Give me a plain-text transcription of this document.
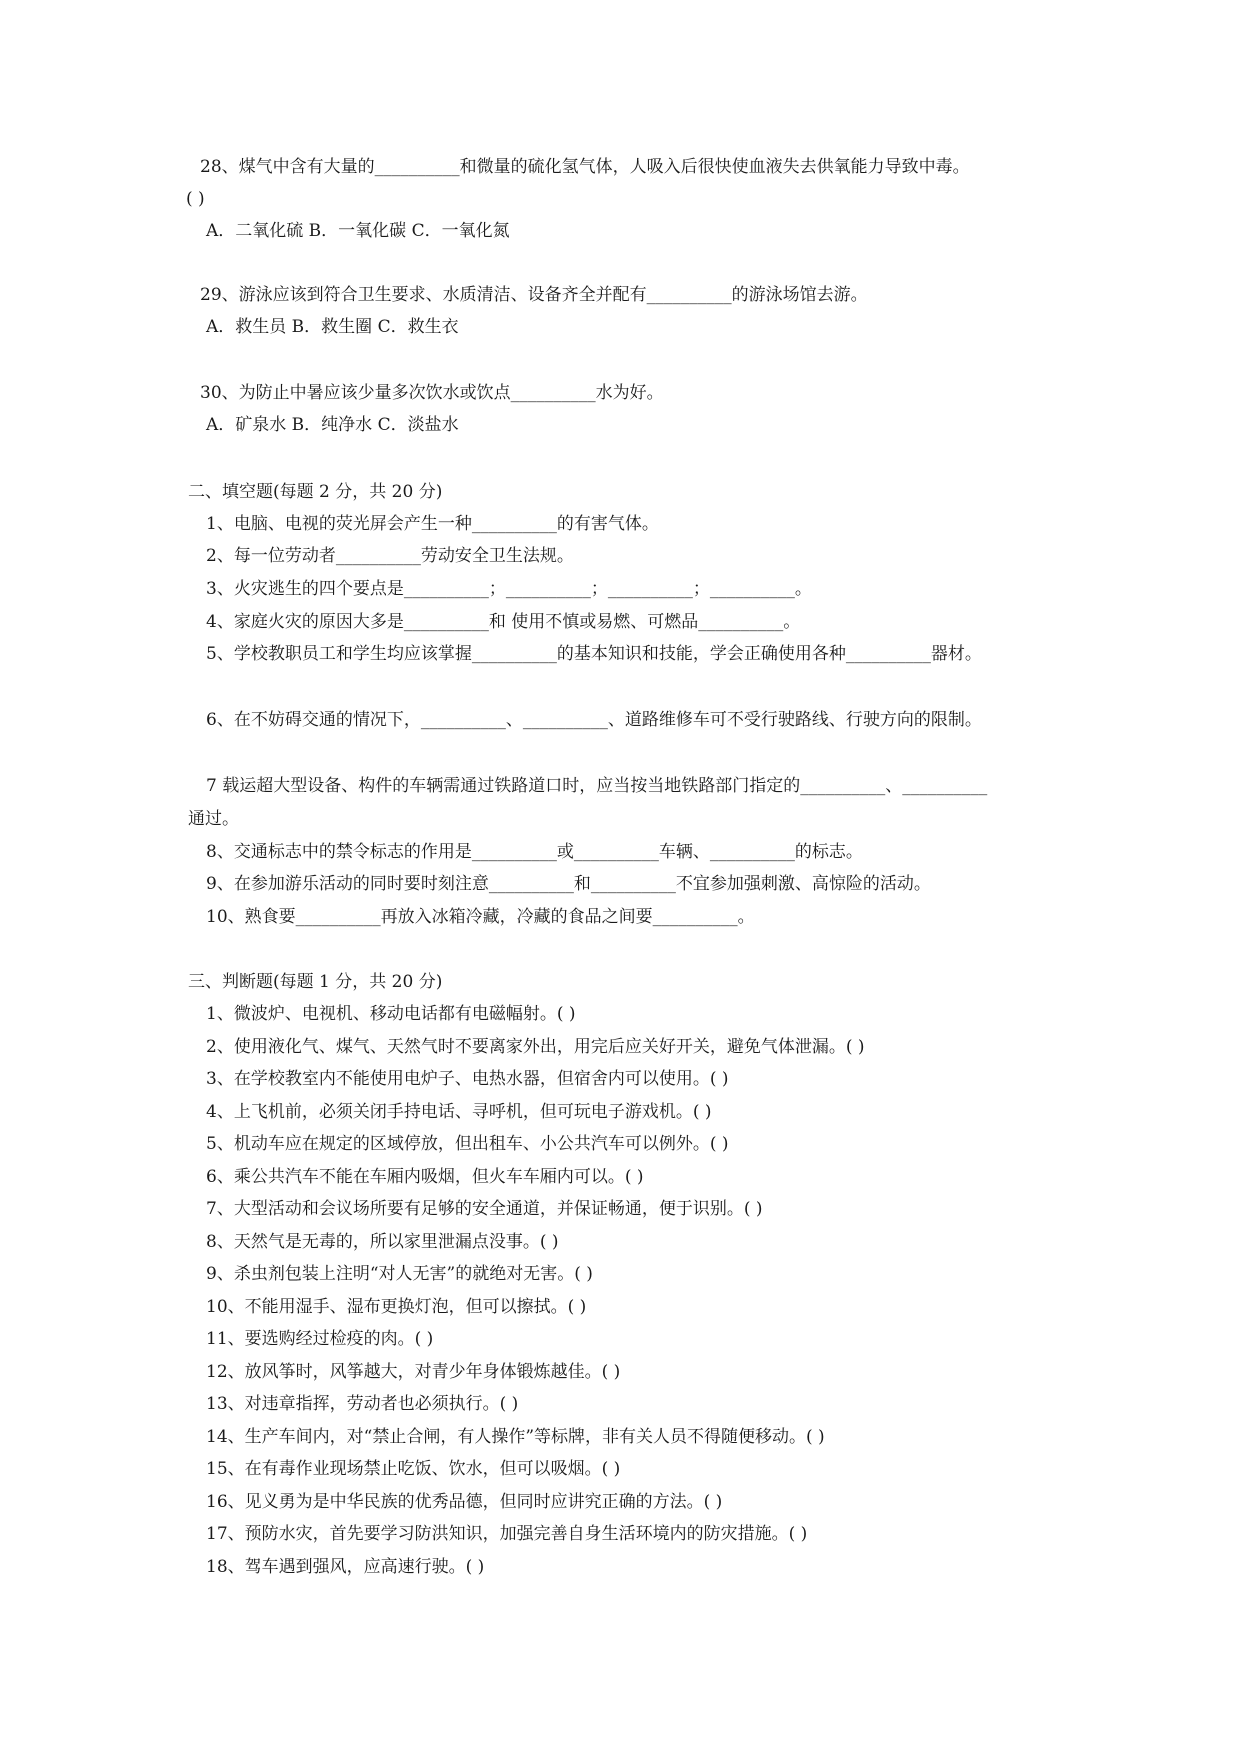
28、煤气中含有大量的__________和微量的硫化氢气体，人吸入后很快使血液失去供氧能力导致中毒。
( )
A．二氧化硫 B．一氧化碳 C．一氧化氮
29、游泳应该到符合卫生要求、水质清洁、设备齐全并配有__________的游泳场馆去游。
A．救生员 B．救生圈 C．救生衣
30、为防止中暑应该少量多次饮水或饮点__________水为好。
A．矿泉水 B．纯净水 C．淡盐水
二、填空题(每题 2 分，共 20 分)
1、电脑、电视的荧光屏会产生一种__________的有害气体。
2、每一位劳动者__________劳动安全卫生法规。
3、火灾逃生的四个要点是__________；__________；__________；__________。
4、家庭火灾的原因大多是__________和 使用不慎或易燃、可燃品__________。
5、学校教职员工和学生均应该掌握__________的基本知识和技能，学会正确使用各种__________器材。
6、在不妨碍交通的情况下，__________、__________、道路维修车可不受行驶路线、行驶方向的限制。
7 载运超大型设备、构件的车辆需通过铁路道口时，应当按当地铁路部门指定的__________、__________
通过。
8、交通标志中的禁令标志的作用是__________或__________车辆、__________的标志。
9、在参加游乐活动的同时要时刻注意__________和__________不宜参加强刺激、高惊险的活动。
10、熟食要__________再放入冰箱冷藏，冷藏的食品之间要__________。
三、判断题(每题 1 分，共 20 分)
1、微波炉、电视机、移动电话都有电磁幅射。( )
2、使用液化气、煤气、天然气时不要离家外出，用完后应关好开关，避免气体泄漏。( )
3、在学校教室内不能使用电炉子、电热水器，但宿舍内可以使用。( )
4、上飞机前，必须关闭手持电话、寻呼机，但可玩电子游戏机。( )
5、机动车应在规定的区域停放，但出租车、小公共汽车可以例外。( )
6、乘公共汽车不能在车厢内吸烟，但火车车厢内可以。( )
7、大型活动和会议场所要有足够的安全通道，并保证畅通，便于识别。( )
8、天然气是无毒的，所以家里泄漏点没事。( )
9、杀虫剂包装上注明“对人无害”的就绝对无害。( )
10、不能用湿手、湿布更换灯泡，但可以擦拭。( )
11、要选购经过检疫的肉。( )
12、放风筝时，风筝越大，对青少年身体锻炼越佳。( )
13、对违章指挥，劳动者也必须执行。( )
14、生产车间内，对“禁止合闸，有人操作”等标牌，非有关人员不得随便移动。( )
15、在有毒作业现场禁止吃饭、饮水，但可以吸烟。( )
16、见义勇为是中华民族的优秀品德，但同时应讲究正确的方法。( )
17、预防水灾，首先要学习防洪知识，加强完善自身生活环境内的防灾措施。( )
18、驾车遇到强风，应高速行驶。( )
